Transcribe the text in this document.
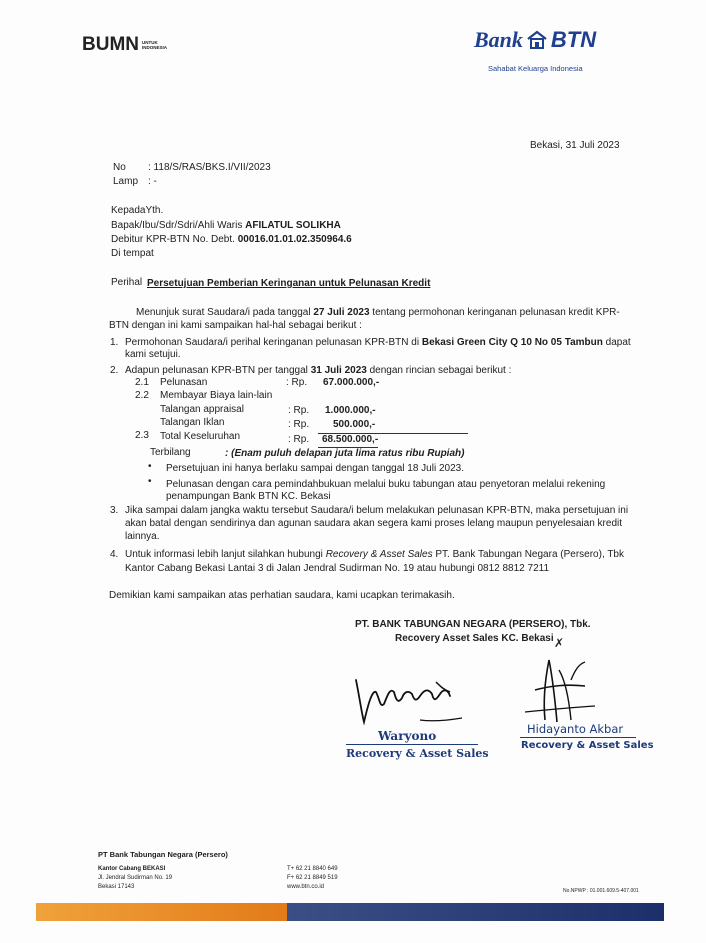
BUMN UNTUK
INDONESIA	Bank BTN
Sahabat Keluarga Indonesia
Bekasi, 31 Juli 2023
No : 118/S/RAS/BKS.I/VII/2023
Lamp : -
KepadaYth.
Bapak/Ibu/Sdr/Sdri/Ahli Waris AFILATUL SOLIKHA
Debitur KPR-BTN No. Debt. 00016.01.01.02.350964.6
Di tempat
Perihal Persetujuan Pemberian Keringanan untuk Pelunasan Kredit
Menunjuk surat Saudara/i pada tanggal 27 Juli 2023 tentang permohonan keringanan pelunasan kredit KPR-
BTN dengan ini kami sampaikan hal-hal sebagai berikut :
1. Permohonan Saudara/i perihal keringanan pelunasan KPR-BTN di Bekasi Green City Q 10 No 05 Tambun dapat
kami setujui.
2. Adapun pelunasan KPR-BTN per tanggal 31 Juli 2023 dengan rincian sebagai berikut :
2.1 Pelunasan	: Rp. 67.000.000,-
2.2 Membayar Biaya lain-lain
Talangan appraisal	: Rp. 1.000.000,-
Talangan Iklan	: Rp. 500.000,-
2.3 Total Keseluruhan	: Rp. 68.500.000,-
Terbilang	: (Enam puluh delapan juta lima ratus ribu Rupiah)
• Persetujuan ini hanya berlaku sampai dengan tanggal 18 Juli 2023.
• Pelunasan dengan cara pemindahbukuan melalui buku tabungan atau penyetoran melalui rekening
penampungan Bank BTN KC. Bekasi
3. Jika sampai dalam jangka waktu tersebut Saudara/i belum melakukan pelunasan KPR-BTN, maka persetujuan ini
akan batal dengan sendirinya dan agunan saudara akan segera kami proses lelang maupun penyelesaian kredit
lainnya.
4. Untuk informasi lebih lanjut silahkan hubungi Recovery & Asset Sales PT. Bank Tabungan Negara (Persero), Tbk
Kantor Cabang Bekasi Lantai 3 di Jalan Jendral Sudirman No. 19 atau hubungi 0812 8812 7211
Demikian kami sampaikan atas perhatian saudara, kami ucapkan terimakasih.
PT. BANK TABUNGAN NEGARA (PERSERO), Tbk.
Recovery Asset Sales KC. Bekasi ✗
Waryono
Recovery & Asset Sales
Hidayanto Akbar
Recovery & Asset Sales
PT Bank Tabungan Negara (Persero)
Kantor Cabang BEKASI
Jl. Jendral Sudirman No. 19
Bekasi 17143
T+ 62 21 8840 649
F+ 62 21 8849 519
www.btn.co.id
No.NPWP : 01.001.609.5-407.001
